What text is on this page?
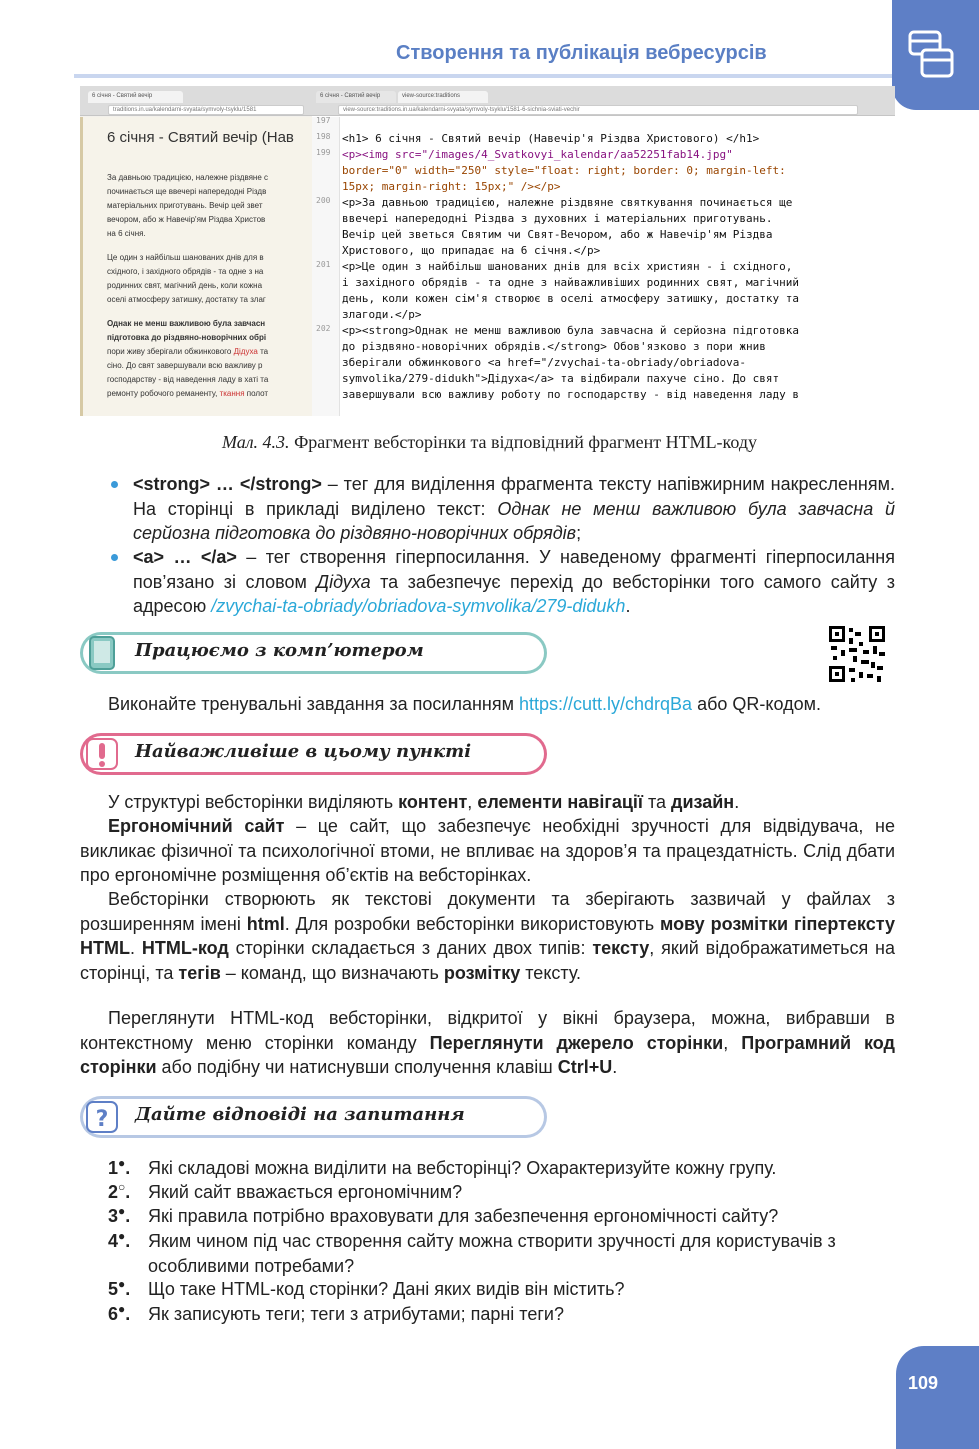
Створення та публікація вебресурсів
6 січня - Святий вечір
traditions.in.ua/kalendarni-svyata/symvoly-tsyklu/1581
6 січня - Святий вечір (Нав
За давньою традицією, належне різдвяне с
починається ще ввечері напередодні Різдв
матеріальних приготувань. Вечір цей звет
вечором, або ж Навечір'ям Різдва Христов
на 6 січня.
Це один з найбільш шанованих днів для в
східного, і західного обрядів - та одне з на
родинних свят, магічний день, коли кожна
оселі атмосферу затишку, достатку та злаг
Однак не менш важливою була завчасн
підготовка до різдвяно-новорічних обрі
пори живу зберігали обжинкового Дідуха та
сіно. До свят завершували всю важливу р
господарству - від наведення ладу в хаті та
ремонту робочого реманенту, ткання полот
6 січня - Святий вечір	view-source:traditions
view-source:traditions.in.ua/kalendarni-svyata/symvoly-tsyklu/1581-6-sichnia-sviati-vechir
197
198
199
200
201
202
<h1> 6 січня - Святий вечір (Навечір'я Різдва Христового) </h1>
<p><img src="/images/4_Svatkovyi_kalendar/aa52251fab14.jpg"
border="0" width="250" style="float: right; border: 0; margin-left:
15px; margin-right: 15px;" /></p>
<p>За давньою традицією, належне різдвяне святкування починається ще
ввечері напередодні Різдва з духовних і матеріальних приготувань.
Вечір цей зветься Святим чи Свят-Вечором, або ж Навечір'ям Різдва
Христового, що припадає на 6 січня.</p>
<p>Це один з найбільш шанованих днів для всіх християн - і східного,
і західного обрядів - та одне з найважливіших родинних свят, магічний
день, коли кожен сім'я створює в оселі атмосферу затишку, достатку та
злагоди.</p>
<p><strong>Однак не менш важливою була завчасна й серйозна підготовка
до різдвяно-новорічних обрядів.</strong> Обов'язково з пори жнив
зберігали обжинкового <a href="/zvychai-ta-obriady/obriadova-
symvolika/279-didukh">Дідуха</a> та відбирали пахуче сіно. До свят
завершували всю важливу роботу по господарству - від наведення ладу в
Мал. 4.3. Фрагмент вебсторінки та відповідний фрагмент HTML-коду
<strong> … </strong> – тег для виділення фрагмента тексту напівжирним накресленням. На сторінці в прикладі виділено текст: Однак не менш важливою була завчасна й серйозна підготовка до різдвяно-новорічних обрядів;
<a> … </a> – тег створення гіперпосилання. У наведеному фрагменті гіперпосилання пов’язано зі словом Дідуха та забезпечує перехід до вебсторінки того самого сайту з адресою /zvychai-ta-obriady/obriadova-symvolika/279-didukh.
Працюємо з комп’ютером
Виконайте тренувальні завдання за посиланням https://cutt.ly/chdrqBa або QR-кодом.
Найважливіше в цьому пункті
У структурі вебсторінки виділяють контент, елементи навігації та дизайн.
Ергономічний сайт – це сайт, що забезпечує необхідні зручності для відвідувача, не викликає фізичної та психологічної втоми, не впливає на здоров’я та працездатність. Слід дбати про ергономічне розміщення об’єктів на вебсторінках.
Вебсторінки створюють як текстові документи та зберігають зазвичай у файлах з розширенням імені html. Для розробки вебсторінки використовують мову розмітки гіпертексту HTML. HTML-код сторінки складається з даних двох типів: тексту, який відображатиметься на сторінці, та тегів – команд, що визначають розмітку тексту.
Переглянути HTML-код вебсторінки, відкритої у вікні браузера, можна, вибравши в контекстному меню сторінки команду Переглянути джерело сторінки, Програмний код сторінки або подібну чи натиснувши сполучення клавіш Ctrl+U.
? Дайте відповіді на запитання
1●. Які складові можна виділити на вебсторінці? Охарактеризуйте кожну групу.
2○. Який сайт вважається ергономічним?
3●. Які правила потрібно враховувати для забезпечення ергономічності сайту?
4●. Яким чином під час створення сайту можна створити зручності для користувачів з особливими потребами?
5●. Що таке HTML-код сторінки? Дані яких видів він містить?
6●. Як записують теги; теги з атрибутами; парні теги?
109
